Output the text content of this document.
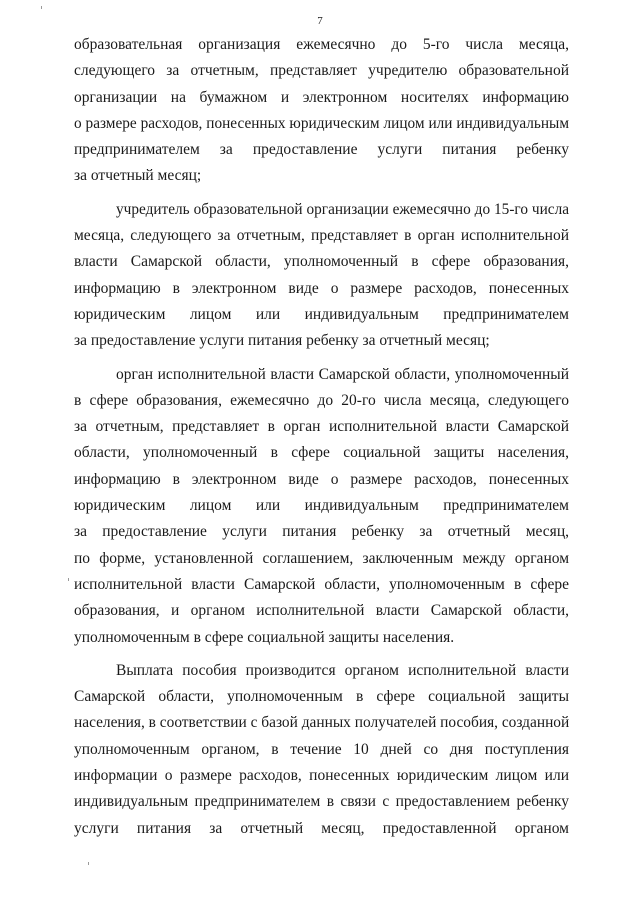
7

образовательная организация ежемесячно до 5-го числа месяца,
следующего за отчетным, представляет учредителю образовательной
организации на бумажном и электронном носителях информацию
о размере расходов, понесенных юридическим лицом или индивидуальным
предпринимателем за предоставление услуги питания ребенку
за отчетный месяц;

учредитель образовательной организации ежемесячно до 15-го числа
месяца, следующего за отчетным, представляет в орган исполнительной
власти Самарской области, уполномоченный в сфере образования,
информацию в электронном виде о размере расходов, понесенных
юридическим лицом или индивидуальным предпринимателем
за предоставление услуги питания ребенку за отчетный месяц;

орган исполнительной власти Самарской области, уполномоченный
в сфере образования, ежемесячно до 20-го числа месяца, следующего
за отчетным, представляет в орган исполнительной власти Самарской
области, уполномоченный в сфере социальной защиты населения,
информацию в электронном виде о размере расходов, понесенных
юридическим лицом или индивидуальным предпринимателем
за предоставление услуги питания ребенку за отчетный месяц,
по форме, установленной соглашением, заключенным между органом
исполнительной власти Самарской области, уполномоченным в сфере
образования, и органом исполнительной власти Самарской области,
уполномоченным в сфере социальной защиты населения.

Выплата пособия производится органом исполнительной власти
Самарской области, уполномоченным в сфере социальной защиты
населения, в соответствии с базой данных получателей пособия, созданной
уполномоченным органом, в течение 10 дней со дня поступления
информации о размере расходов, понесенных юридическим лицом или
индивидуальным предпринимателем в связи с предоставлением ребенку
услуги питания за отчетный месяц, предоставленной органом
